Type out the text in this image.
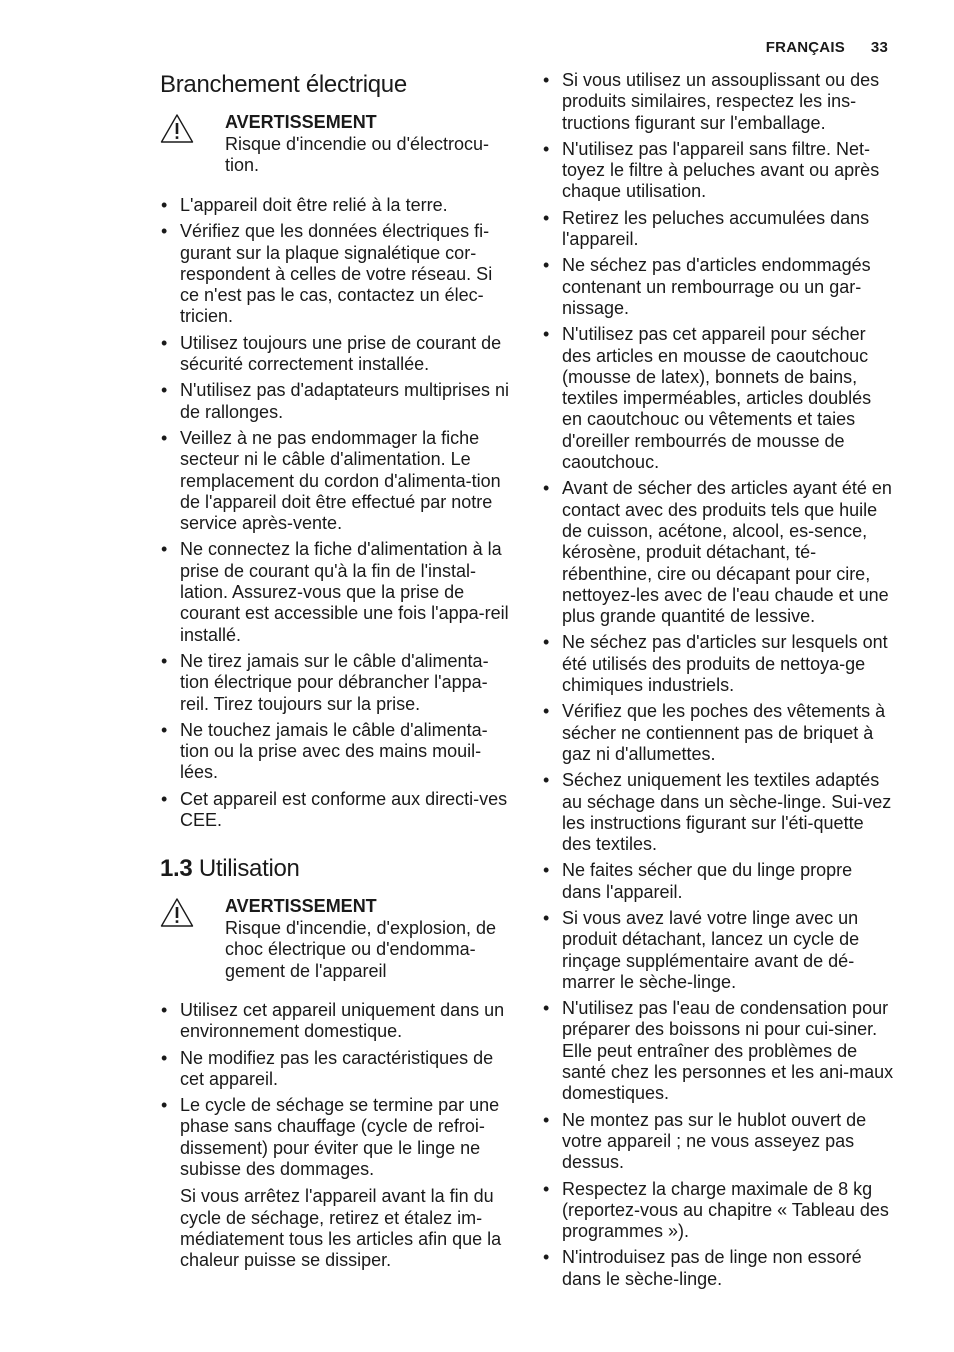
FRANÇAIS 33
Branchement électrique
AVERTISSEMENT
Risque d'incendie ou d'électrocu-tion.
• L'appareil doit être relié à la terre.
• Vérifiez que les données électriques fi-gurant sur la plaque signalétique cor-respondent à celles de votre réseau. Si ce n'est pas le cas, contactez un élec-tricien.
• Utilisez toujours une prise de courant de sécurité correctement installée.
• N'utilisez pas d'adaptateurs multiprises ni de rallonges.
• Veillez à ne pas endommager la fiche secteur ni le câble d'alimentation. Le remplacement du cordon d'alimenta-tion de l'appareil doit être effectué par notre service après-vente.
• Ne connectez la fiche d'alimentation à la prise de courant qu'à la fin de l'instal-lation. Assurez-vous que la prise de courant est accessible une fois l'appa-reil installé.
• Ne tirez jamais sur le câble d'alimenta-tion électrique pour débrancher l'appa-reil. Tirez toujours sur la prise.
• Ne touchez jamais le câble d'alimenta-tion ou la prise avec des mains mouil-lées.
• Cet appareil est conforme aux directi-ves CEE.
1.3 Utilisation
AVERTISSEMENT
Risque d'incendie, d'explosion, de choc électrique ou d'endomma-gement de l'appareil
• Utilisez cet appareil uniquement dans un environnement domestique.
• Ne modifiez pas les caractéristiques de cet appareil.
• Le cycle de séchage se termine par une phase sans chauffage (cycle de refroi-dissement) pour éviter que le linge ne subisse des dommages.
Si vous arrêtez l'appareil avant la fin du cycle de séchage, retirez et étalez im-médiatement tous les articles afin que la chaleur puisse se dissiper.
• Si vous utilisez un assouplissant ou des produits similaires, respectez les ins-tructions figurant sur l'emballage.
• N'utilisez pas l'appareil sans filtre. Net-toyez le filtre à peluches avant ou après chaque utilisation.
• Retirez les peluches accumulées dans l'appareil.
• Ne séchez pas d'articles endommagés contenant un rembourrage ou un gar-nissage.
• N'utilisez pas cet appareil pour sécher des articles en mousse de caoutchouc (mousse de latex), bonnets de bains, textiles imperméables, articles doublés en caoutchouc ou vêtements et taies d'oreiller rembourrés de mousse de caoutchouc.
• Avant de sécher des articles ayant été en contact avec des produits tels que huile de cuisson, acétone, alcool, es-sence, kérosène, produit détachant, té-rébenthine, cire ou décapant pour cire, nettoyez-les avec de l'eau chaude et une plus grande quantité de lessive.
• Ne séchez pas d'articles sur lesquels ont été utilisés des produits de nettoya-ge chimiques industriels.
• Vérifiez que les poches des vêtements à sécher ne contiennent pas de briquet à gaz ni d'allumettes.
• Séchez uniquement les textiles adaptés au séchage dans un sèche-linge. Sui-vez les instructions figurant sur l'éti-quette des textiles.
• Ne faites sécher que du linge propre dans l'appareil.
• Si vous avez lavé votre linge avec un produit détachant, lancez un cycle de rinçage supplémentaire avant de dé-marrer le sèche-linge.
• N'utilisez pas l'eau de condensation pour préparer des boissons ni pour cui-siner. Elle peut entraîner des problèmes de santé chez les personnes et les ani-maux domestiques.
• Ne montez pas sur le hublot ouvert de votre appareil ; ne vous asseyez pas dessus.
• Respectez la charge maximale de 8 kg (reportez-vous au chapitre « Tableau des programmes »).
• N'introduisez pas de linge non essoré dans le sèche-linge.
